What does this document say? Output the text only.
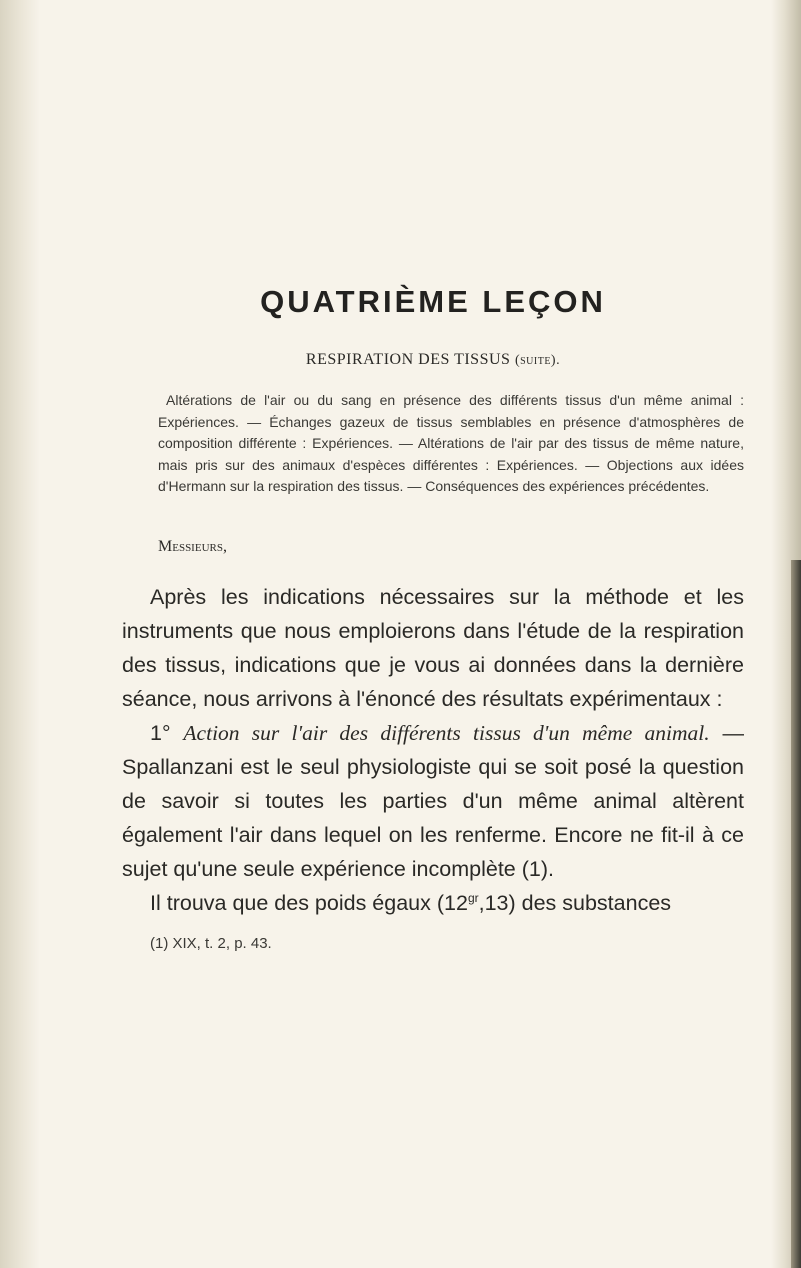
QUATRIÈME LEÇON
RESPIRATION DES TISSUS (suite).
Altérations de l'air ou du sang en présence des différents tissus d'un même animal : Expériences. — Échanges gazeux de tissus semblables en présence d'atmosphères de composition différente : Expériences. — Altérations de l'air par des tissus de même nature, mais pris sur des animaux d'espèces différentes : Expériences. — Objections aux idées d'Hermann sur la respiration des tissus. — Conséquences des expériences précédentes.
Messieurs,

Après les indications nécessaires sur la méthode et les instruments que nous emploierons dans l'étude de la respiration des tissus, indications que je vous ai données dans la dernière séance, nous arrivons à l'énoncé des résultats expérimentaux :

1° Action sur l'air des différents tissus d'un même animal. — Spallanzani est le seul physiologiste qui se soit posé la question de savoir si toutes les parties d'un même animal altèrent également l'air dans lequel on les renferme. Encore ne fit-il à ce sujet qu'une seule expérience incomplète (1).

Il trouva que des poids égaux $(12^{gr},13)$ des substances

(1) XIX, t. 2, p. 43.
